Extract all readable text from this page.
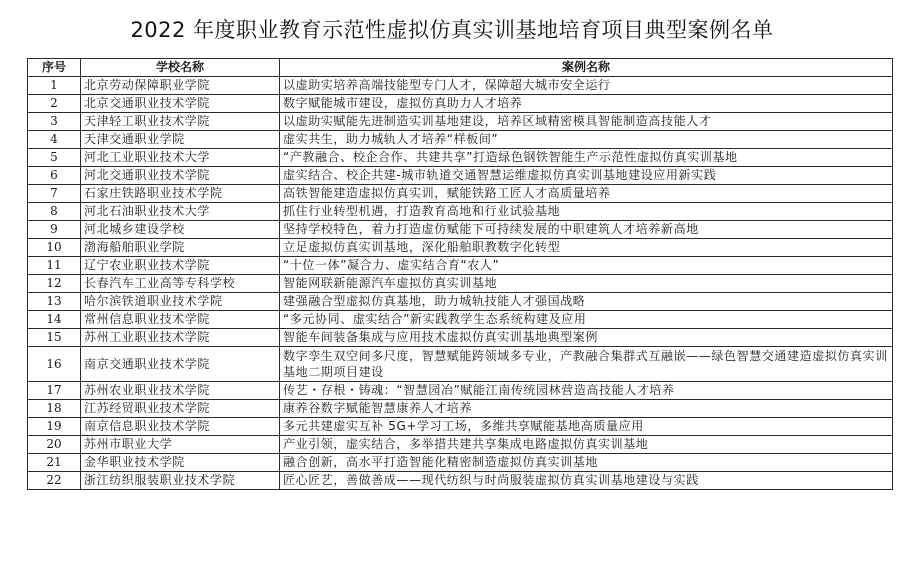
2022 年度职业教育示范性虚拟仿真实训基地培育项目典型案例名单
序号	学校名称	案例名称
1	北京劳动保障职业学院	以虚助实培养高端技能型专门人才，保障超大城市安全运行
2	北京交通职业技术学院	数字赋能城市建设，虚拟仿真助力人才培养
3	天津轻工职业技术学院	以虚助实赋能先进制造实训基地建设，培养区域精密模具智能制造高技能人才
4	天津交通职业学院	虚实共生，助力城轨人才培养“样板间”
5	河北工业职业技术大学	“产教融合、校企合作、共建共享”打造绿色钢铁智能生产示范性虚拟仿真实训基地
6	河北交通职业技术学院	虚实结合、校企共建-城市轨道交通智慧运维虚拟仿真实训基地建设应用新实践
7	石家庄铁路职业技术学院	高铁智能建造虚拟仿真实训，赋能铁路工匠人才高质量培养
8	河北石油职业技术大学	抓住行业转型机遇，打造教育高地和行业试验基地
9	河北城乡建设学校	坚持学校特色，着力打造虚仿赋能下可持续发展的中职建筑人才培养新高地
10	渤海船舶职业学院	立足虚拟仿真实训基地，深化船舶职教数字化转型
11	辽宁农业职业技术学院	“十位一体”凝合力、虚实结合育“农人”
12	长春汽车工业高等专科学校	智能网联新能源汽车虚拟仿真实训基地
13	哈尔滨铁道职业技术学院	建强融合型虚拟仿真基地，助力城轨技能人才强国战略
14	常州信息职业技术学院	“多元协同、虚实结合”新实践教学生态系统构建及应用
15	苏州工业职业技术学院	智能车间装备集成与应用技术虚拟仿真实训基地典型案例
16	南京交通职业技术学院	数字孪生双空间多尺度，智慧赋能跨领域多专业，产教融合集群式互融嵌——绿色智慧交通建造虚拟仿真实训基地二期项目建设
17	苏州农业职业技术学院	传艺・存根・铸魂：“智慧园冶”赋能江南传统园林营造高技能人才培养
18	江苏经贸职业技术学院	康养谷数字赋能智慧康养人才培养
19	南京信息职业技术学院	多元共建虚实互补 5G+学习工场，多维共享赋能基地高质量应用
20	苏州市职业大学	产业引领，虚实结合，多举措共建共享集成电路虚拟仿真实训基地
21	金华职业技术学院	融合创新，高水平打造智能化精密制造虚拟仿真实训基地
22	浙江纺织服装职业技术学院	匠心匠艺，善做善成——现代纺织与时尚服装虚拟仿真实训基地建设与实践
